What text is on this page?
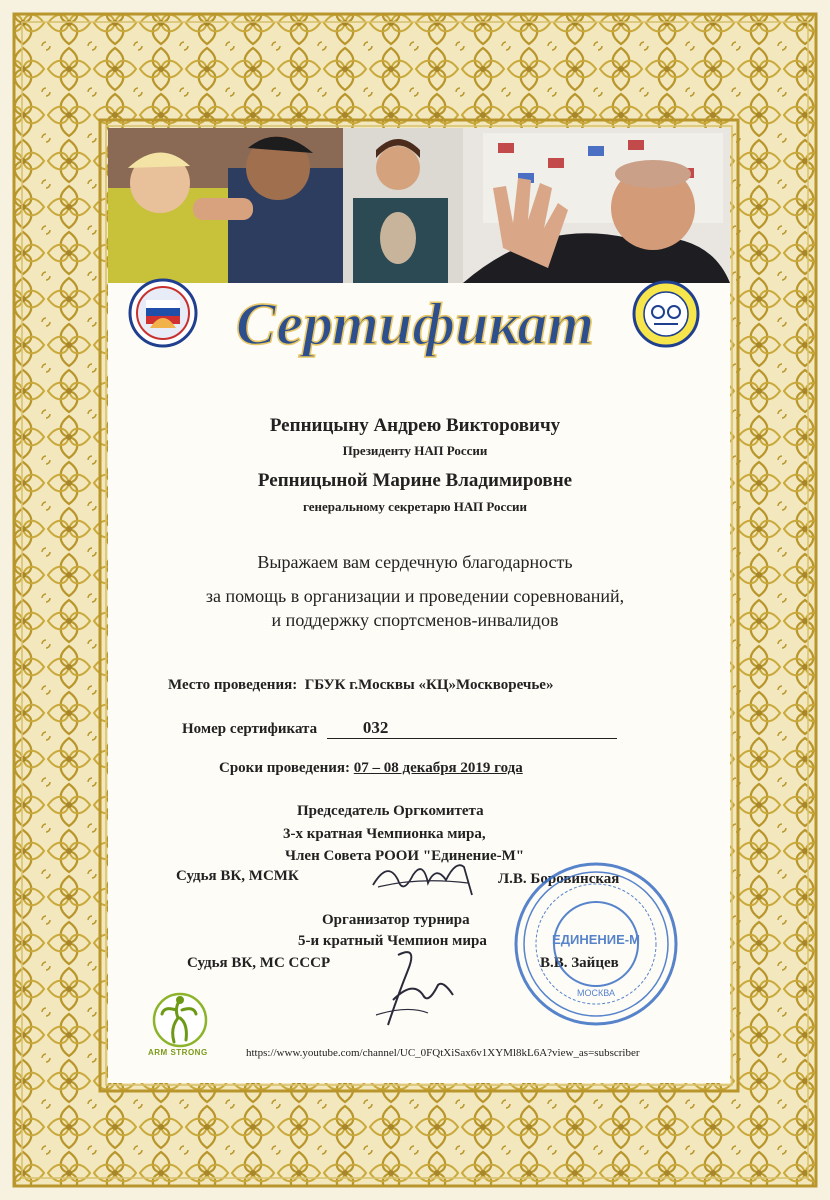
Сертификат
Репницыну Андрею Викторовичу
Президенту НАП России
Репницыной Марине Владимировне
генеральному секретарю НАП России
Выражаем вам сердечную благодарность
за помощь в организации и проведении соревнований,
и поддержку спортсменов-инвалидов
Место проведения: ГБУК г.Москвы «КЦ»Москворечье»
Номер сертификата	032
Сроки проведения: 07 – 08 декабря 2019 года
Председатель Оргкомитета
3-х кратная Чемпионка мира,
Член Совета РООИ "Единение-М"
Судья ВК, МСМК	Л.В. Боровинская
Организатор турнира
5-и кратный Чемпион мира
Судья ВК, МС СССР	В.В. Зайцев
ЕДИНЕНИЕ-М
МОСКВА
ARM STRONG	https://www.youtube.com/channel/UC_0FQtXiSax6v1XYMl8kL6A?view_as=subscriber
